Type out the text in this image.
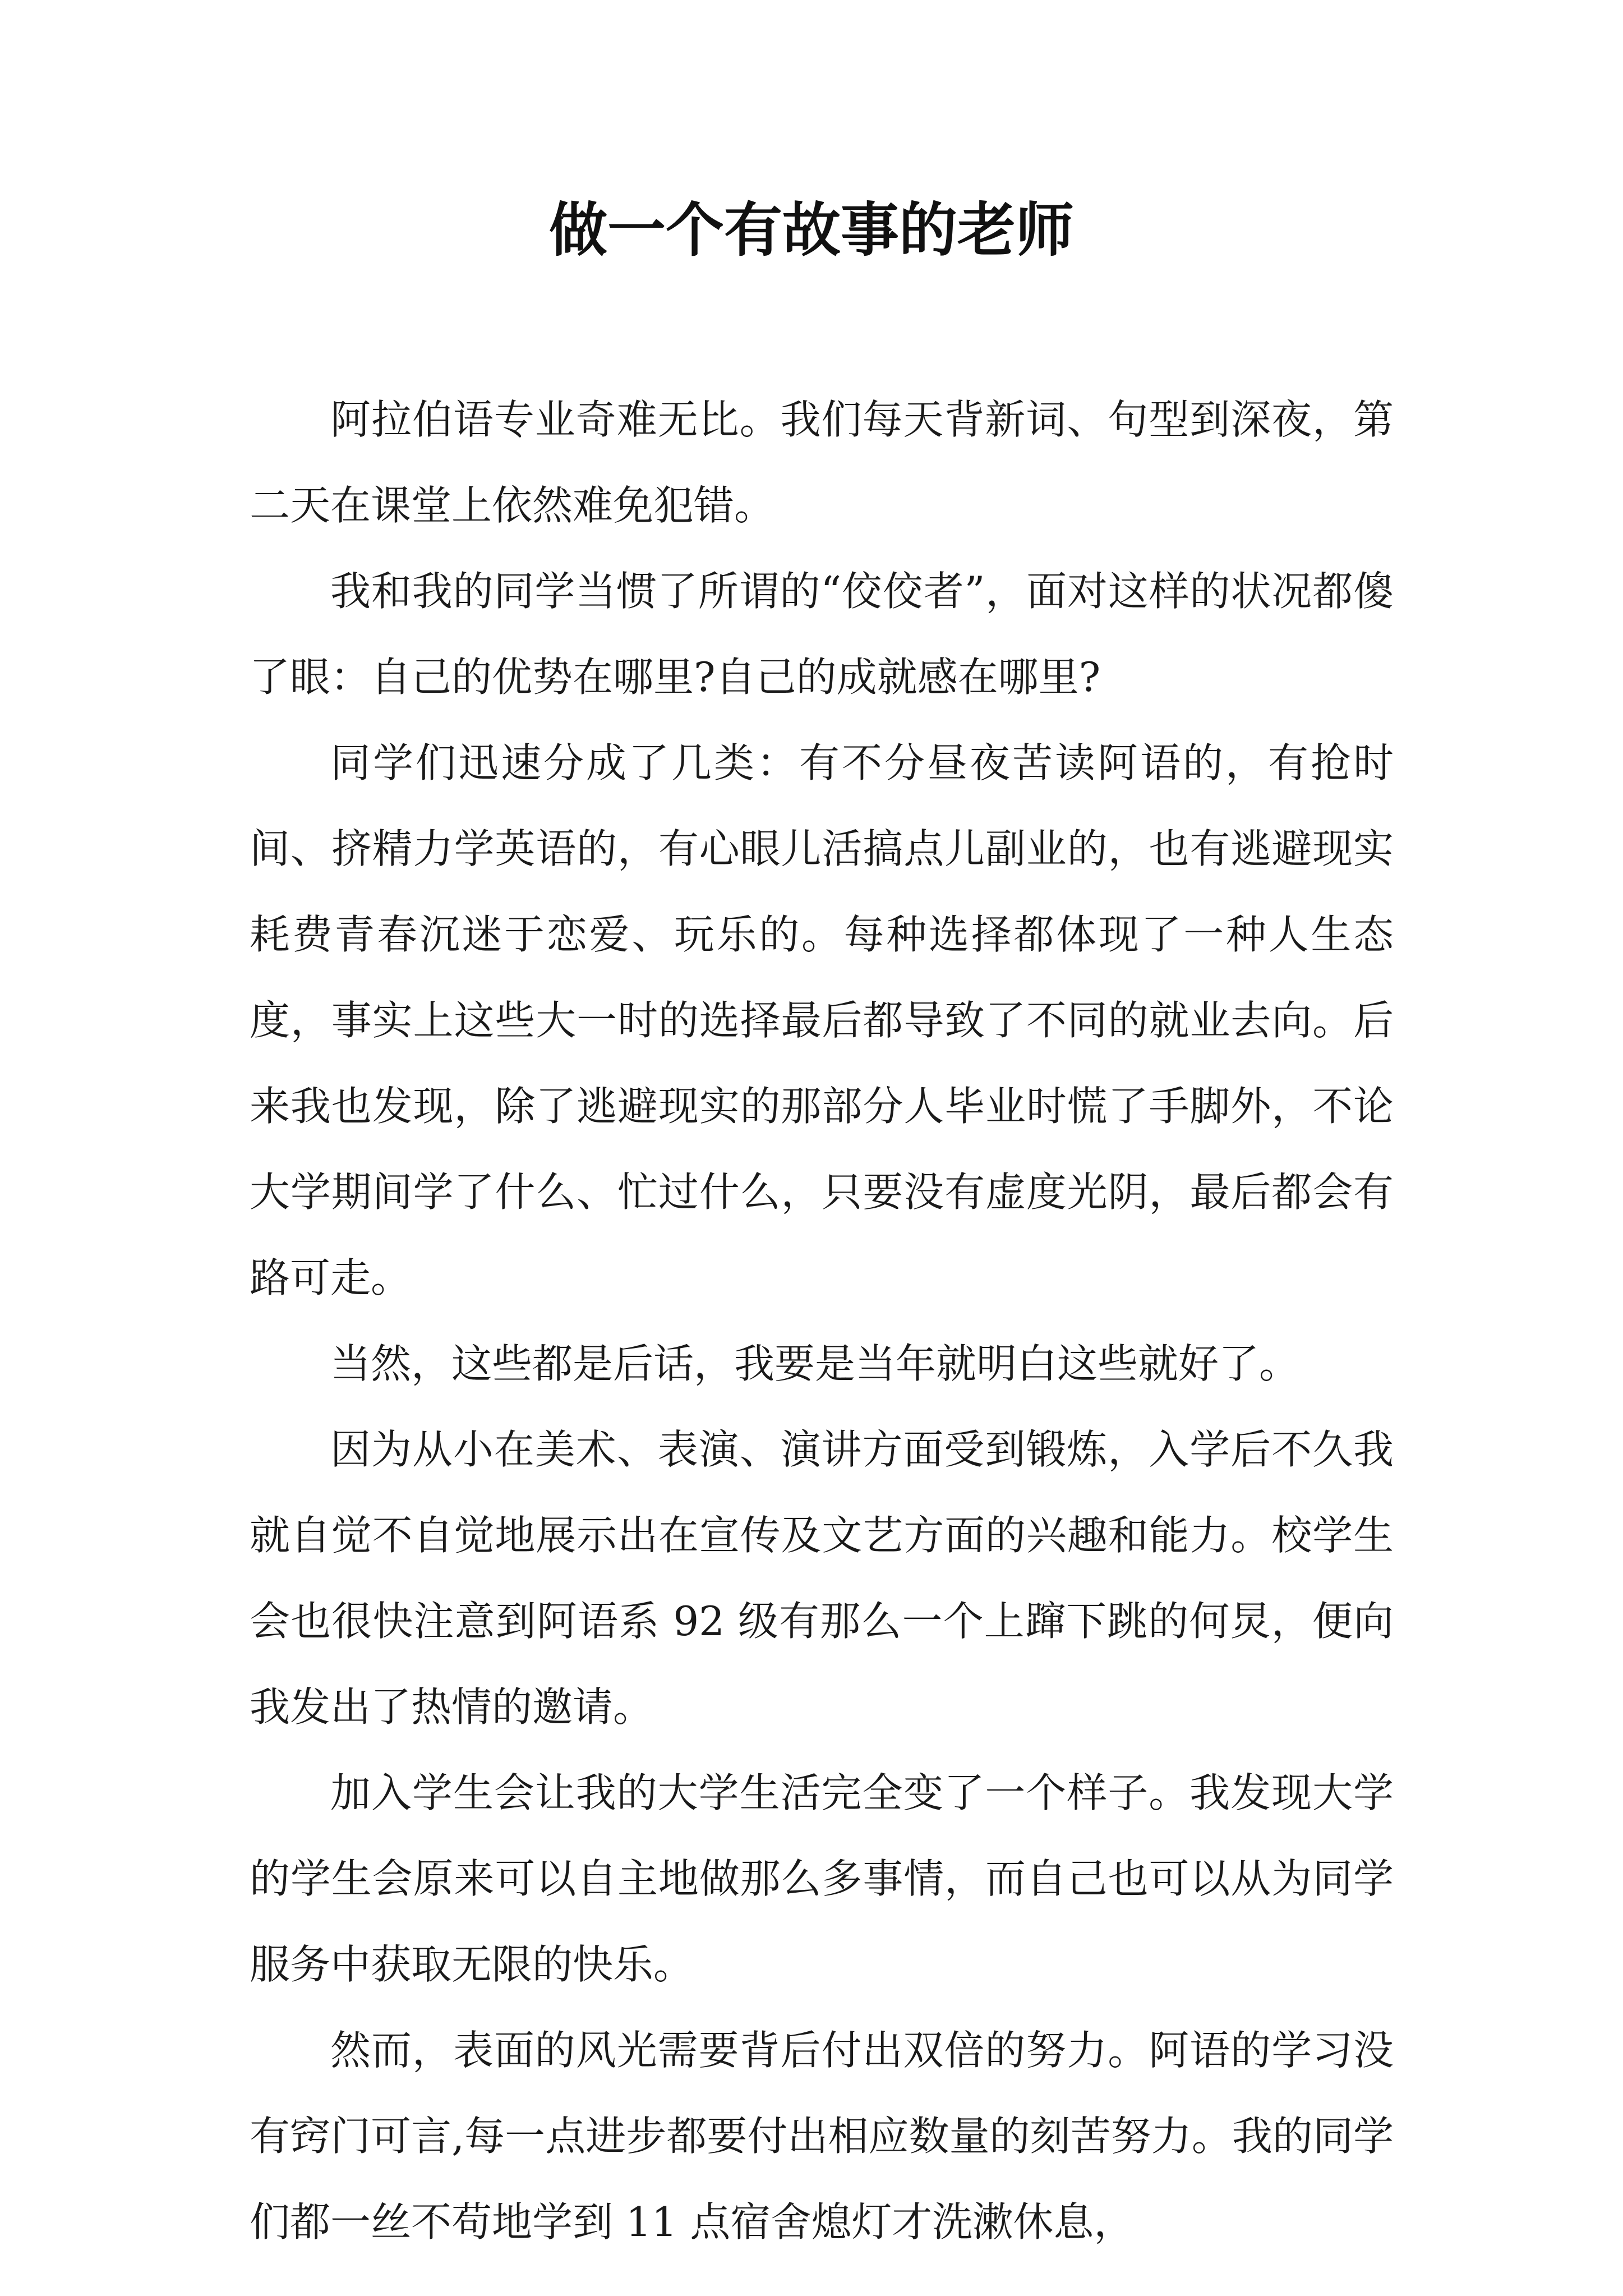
做一个有故事的老师

阿拉伯语专业奇难无比。我们每天背新词、句型到深夜，第二天在课堂上依然难免犯错。

我和我的同学当惯了所谓的“佼佼者”，面对这样的状况都傻了眼：自己的优势在哪里?自己的成就感在哪里?

同学们迅速分成了几类：有不分昼夜苦读阿语的，有抢时间、挤精力学英语的，有心眼儿活搞点儿副业的，也有逃避现实耗费青春沉迷于恋爱、玩乐的。每种选择都体现了一种人生态度，事实上这些大一时的选择最后都导致了不同的就业去向。后来我也发现，除了逃避现实的那部分人毕业时慌了手脚外，不论大学期间学了什么、忙过什么，只要没有虚度光阴，最后都会有路可走。

当然，这些都是后话，我要是当年就明白这些就好了。

因为从小在美术、表演、演讲方面受到锻炼，入学后不久我就自觉不自觉地展示出在宣传及文艺方面的兴趣和能力。校学生会也很快注意到阿语系 92 级有那么一个上蹿下跳的何炅，便向我发出了热情的邀请。

加入学生会让我的大学生活完全变了一个样子。我发现大学的学生会原来可以自主地做那么多事情，而自己也可以从为同学服务中获取无限的快乐。

然而，表面的风光需要背后付出双倍的努力。阿语的学习没有窍门可言,每一点进步都要付出相应数量的刻苦努力。我的同学们都一丝不苟地学到 11 点宿舍熄灯才洗漱休息，
